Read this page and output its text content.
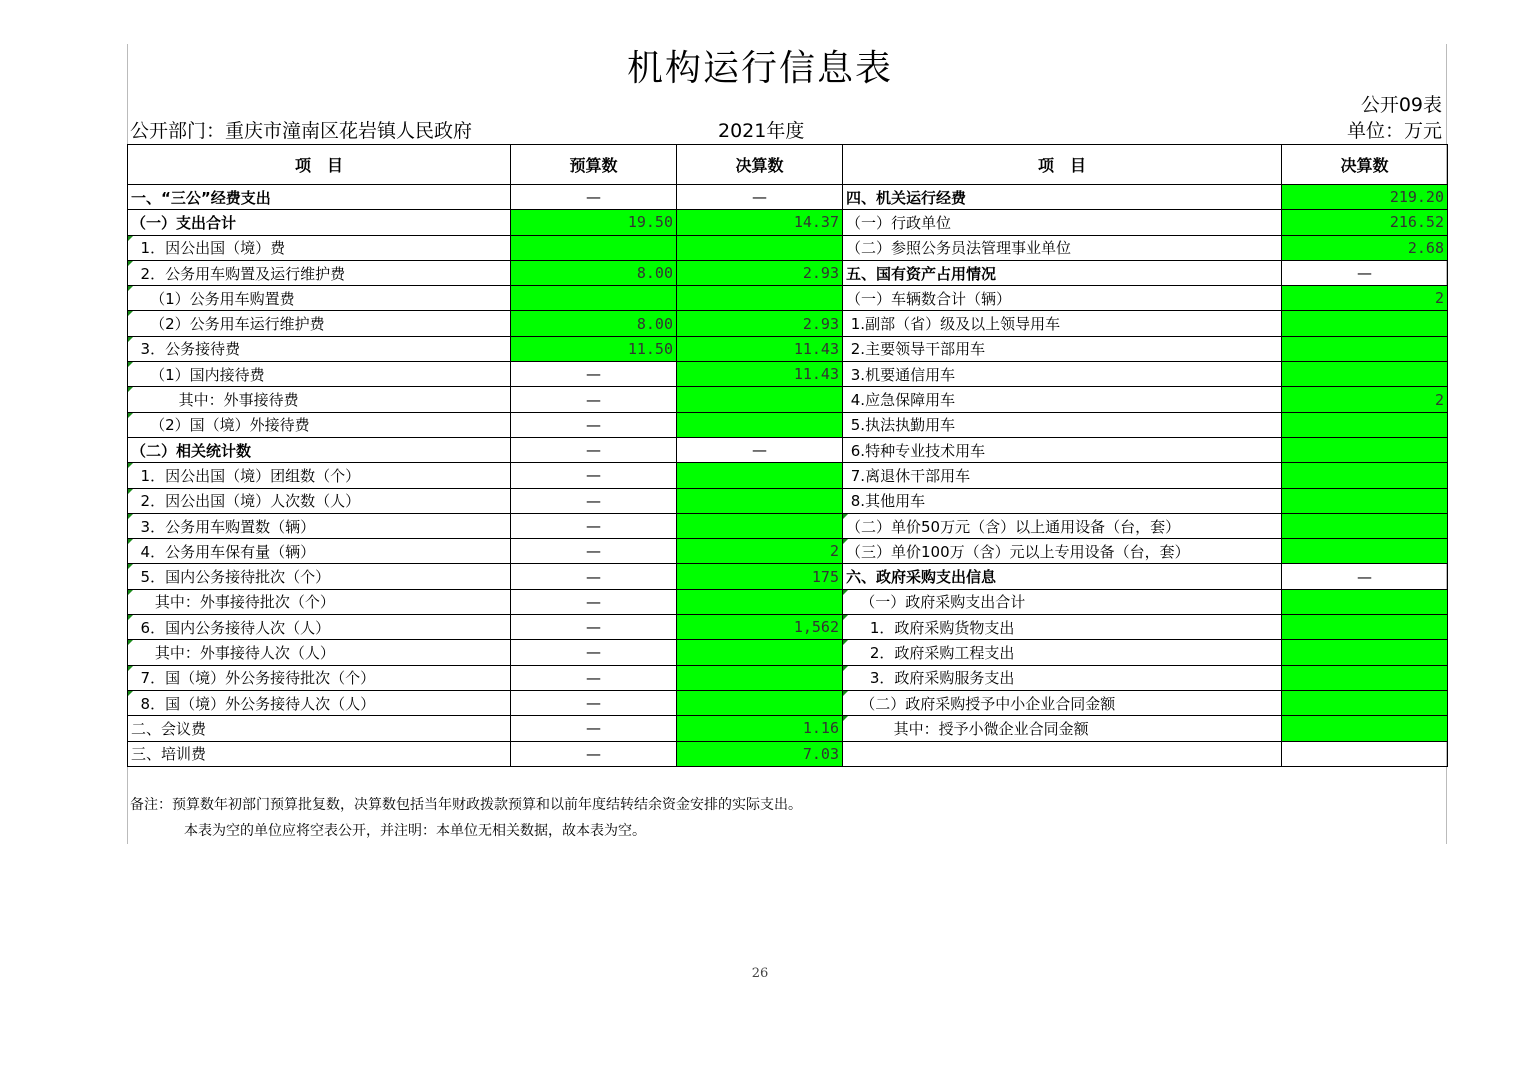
机构运行信息表
公开09表
公开部门：重庆市潼南区花岩镇人民政府	2021年度	单位：万元
项　目	预算数	决算数	项　目	决算数
一、“三公”经费支出	—	—	四、机关运行经费	219.20
（一）支出合计	19.50	14.37	（一）行政单位	216.52
1．因公出国（境）费			（二）参照公务员法管理事业单位	2.68
2．公务用车购置及运行维护费	8.00	2.93	五、国有资产占用情况	—
（1）公务用车购置费			（一）车辆数合计（辆）	2
（2）公务用车运行维护费	8.00	2.93	1.副部（省）级及以上领导用车	
3．公务接待费	11.50	11.43	2.主要领导干部用车	
（1）国内接待费	—	11.43	3.机要通信用车	
其中：外事接待费	—		4.应急保障用车	2
（2）国（境）外接待费	—		5.执法执勤用车	
（二）相关统计数	—	—	6.特种专业技术用车	
1．因公出国（境）团组数（个）	—		7.离退休干部用车	
2．因公出国（境）人次数（人）	—		8.其他用车	
3．公务用车购置数（辆）	—		（二）单价50万元（含）以上通用设备（台，套）	
4．公务用车保有量（辆）	—	2	（三）单价100万（含）元以上专用设备（台，套）	
5．国内公务接待批次（个）	—	175	六、政府采购支出信息	—
其中：外事接待批次（个）	—		（一）政府采购支出合计	
6．国内公务接待人次（人）	—	1,562	1．政府采购货物支出	
其中：外事接待人次（人）	—		2．政府采购工程支出	
7．国（境）外公务接待批次（个）	—		3．政府采购服务支出	
8．国（境）外公务接待人次（人）	—		（二）政府采购授予中小企业合同金额	
二、会议费	—	1.16	其中：授予小微企业合同金额	
三、培训费	—	7.03		
备注：预算数年初部门预算批复数，决算数包括当年财政拨款预算和以前年度结转结余资金安排的实际支出。
本表为空的单位应将空表公开，并注明：本单位无相关数据，故本表为空。
26
